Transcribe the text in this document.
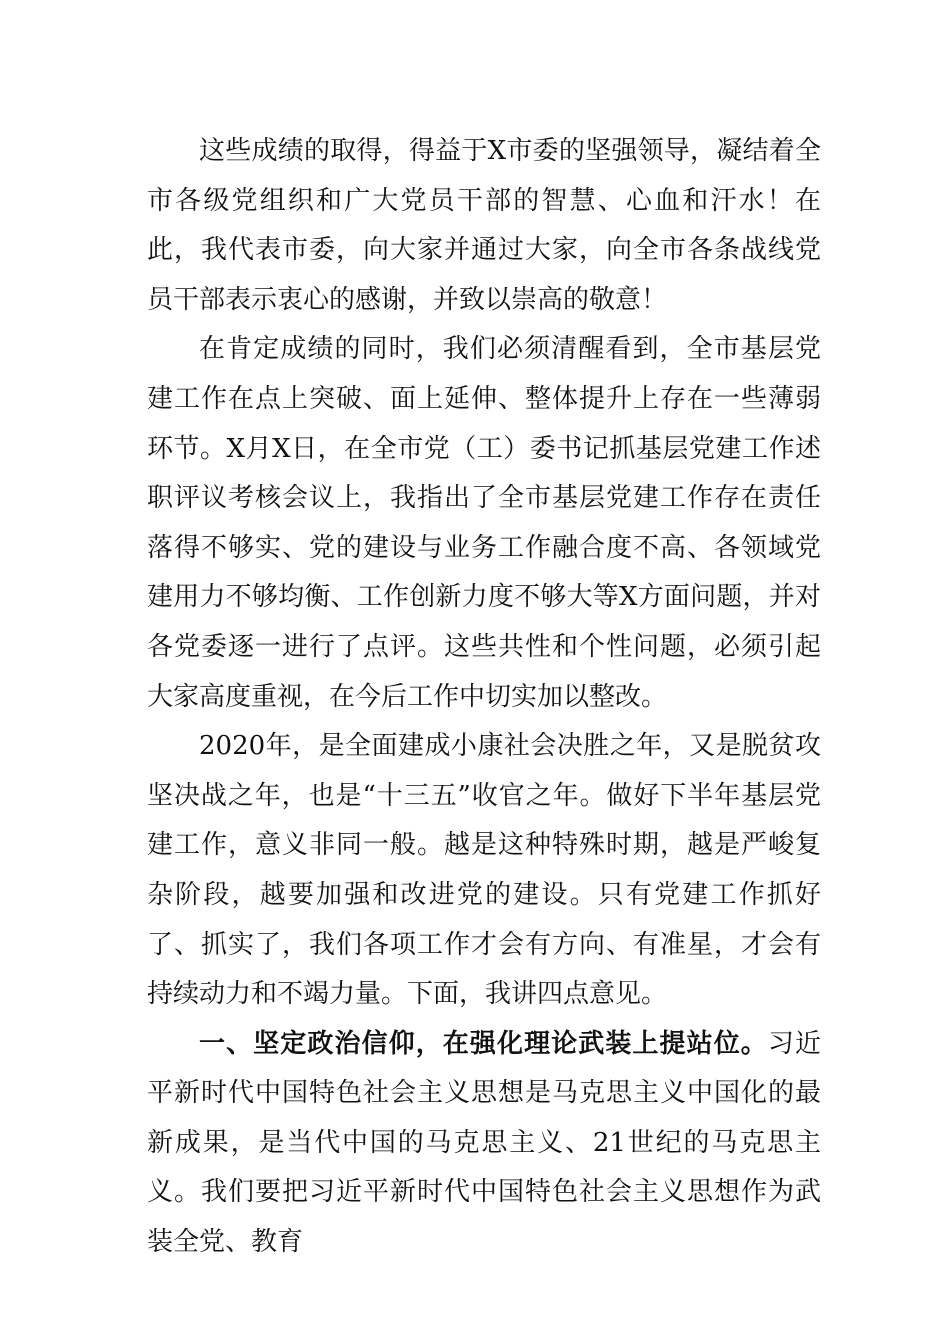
这些成绩的取得，得益于X市委的坚强领导，凝结着全市各级党组织和广大党员干部的智慧、心血和汗水！在此，我代表市委，向大家并通过大家，向全市各条战线党员干部表示衷心的感谢，并致以崇高的敬意！

在肯定成绩的同时，我们必须清醒看到，全市基层党建工作在点上突破、面上延伸、整体提升上存在一些薄弱环节。X月X日，在全市党（工）委书记抓基层党建工作述职评议考核会议上，我指出了全市基层党建工作存在责任落得不够实、党的建设与业务工作融合度不高、各领域党建用力不够均衡、工作创新力度不够大等X方面问题，并对各党委逐一进行了点评。这些共性和个性问题，必须引起大家高度重视，在今后工作中切实加以整改。

2020年，是全面建成小康社会决胜之年，又是脱贫攻坚决战之年，也是“十三五”收官之年。做好下半年基层党建工作，意义非同一般。越是这种特殊时期，越是严峻复杂阶段，越要加强和改进党的建设。只有党建工作抓好了、抓实了，我们各项工作才会有方向、有准星，才会有持续动力和不竭力量。下面，我讲四点意见。

一、坚定政治信仰，在强化理论武装上提站位。习近平新时代中国特色社会主义思想是马克思主义中国化的最新成果，是当代中国的马克思主义、21世纪的马克思主义。我们要把习近平新时代中国特色社会主义思想作为武装全党、教育
